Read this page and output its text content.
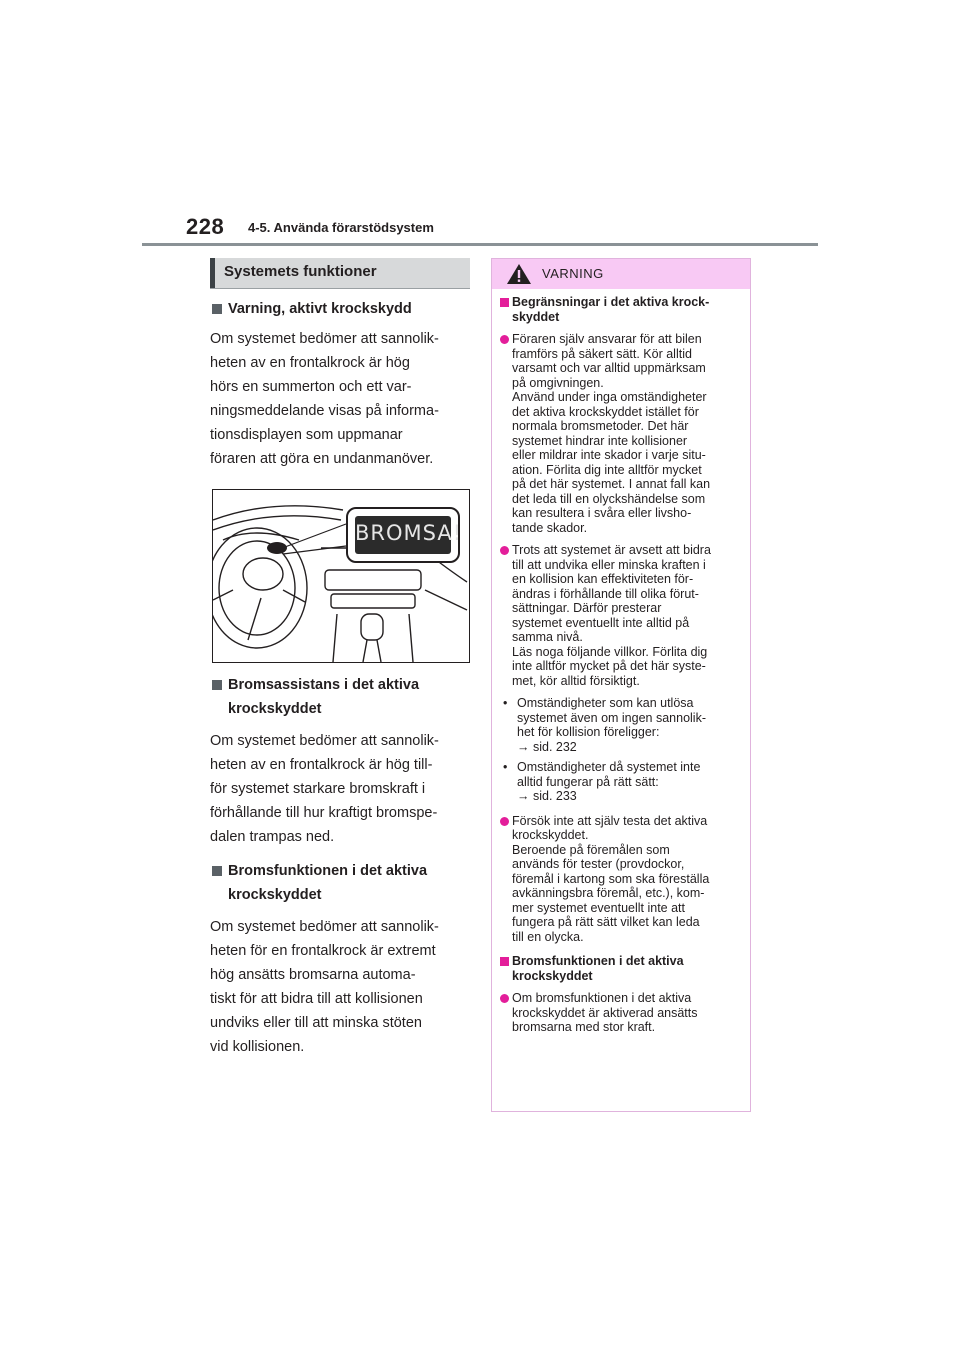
228 4-5. Använda förarstödsystem
Systemets funktioner
Varning, aktivt krockskydd
Om systemet bedömer att sannolik-
heten av en frontalkrock är hög
hörs en summerton och ett var-
ningsmeddelande visas på informa-
tionsdisplayen som uppmanar
föraren att göra en undanmanöver.
BROMSA!
Bromsassistans i det aktiva
krockskyddet
Om systemet bedömer att sannolik-
heten av en frontalkrock är hög till-
för systemet starkare bromskraft i
förhållande till hur kraftigt bromspe-
dalen trampas ned.
Bromsfunktionen i det aktiva
krockskyddet
Om systemet bedömer att sannolik-
heten för en frontalkrock är extremt
hög ansätts bromsarna automa-
tiskt för att bidra till att kollisionen
undviks eller till att minska stöten
vid kollisionen.
VARNING
Begränsningar i det aktiva krock-
skyddet
Föraren själv ansvarar för att bilen
framförs på säkert sätt. Kör alltid
varsamt och var alltid uppmärksam
på omgivningen.
Använd under inga omständigheter
det aktiva krockskyddet istället för
normala bromsmetoder. Det här
systemet hindrar inte kollisioner
eller mildrar inte skador i varje situ-
ation. Förlita dig inte alltför mycket
på det här systemet. I annat fall kan
det leda till en olyckshändelse som
kan resultera i svåra eller livsho-
tande skador.
Trots att systemet är avsett att bidra
till att undvika eller minska kraften i
en kollision kan effektiviteten för-
ändras i förhållande till olika förut-
sättningar. Därför presterar
systemet eventuellt inte alltid på
samma nivå.
Läs noga följande villkor. Förlita dig
inte alltför mycket på det här syste-
met, kör alltid försiktigt.
• Omständigheter som kan utlösa
systemet även om ingen sannolik-
het för kollision föreligger:
→ sid. 232
• Omständigheter då systemet inte
alltid fungerar på rätt sätt:
→ sid. 233
Försök inte att själv testa det aktiva
krockskyddet.
Beroende på föremålen som
används för tester (provdockor,
föremål i kartong som ska föreställa
avkänningsbra föremål, etc.), kom-
mer systemet eventuellt inte att
fungera på rätt sätt vilket kan leda
till en olycka.
Bromsfunktionen i det aktiva
krockskyddet
Om bromsfunktionen i det aktiva
krockskyddet är aktiverad ansätts
bromsarna med stor kraft.
